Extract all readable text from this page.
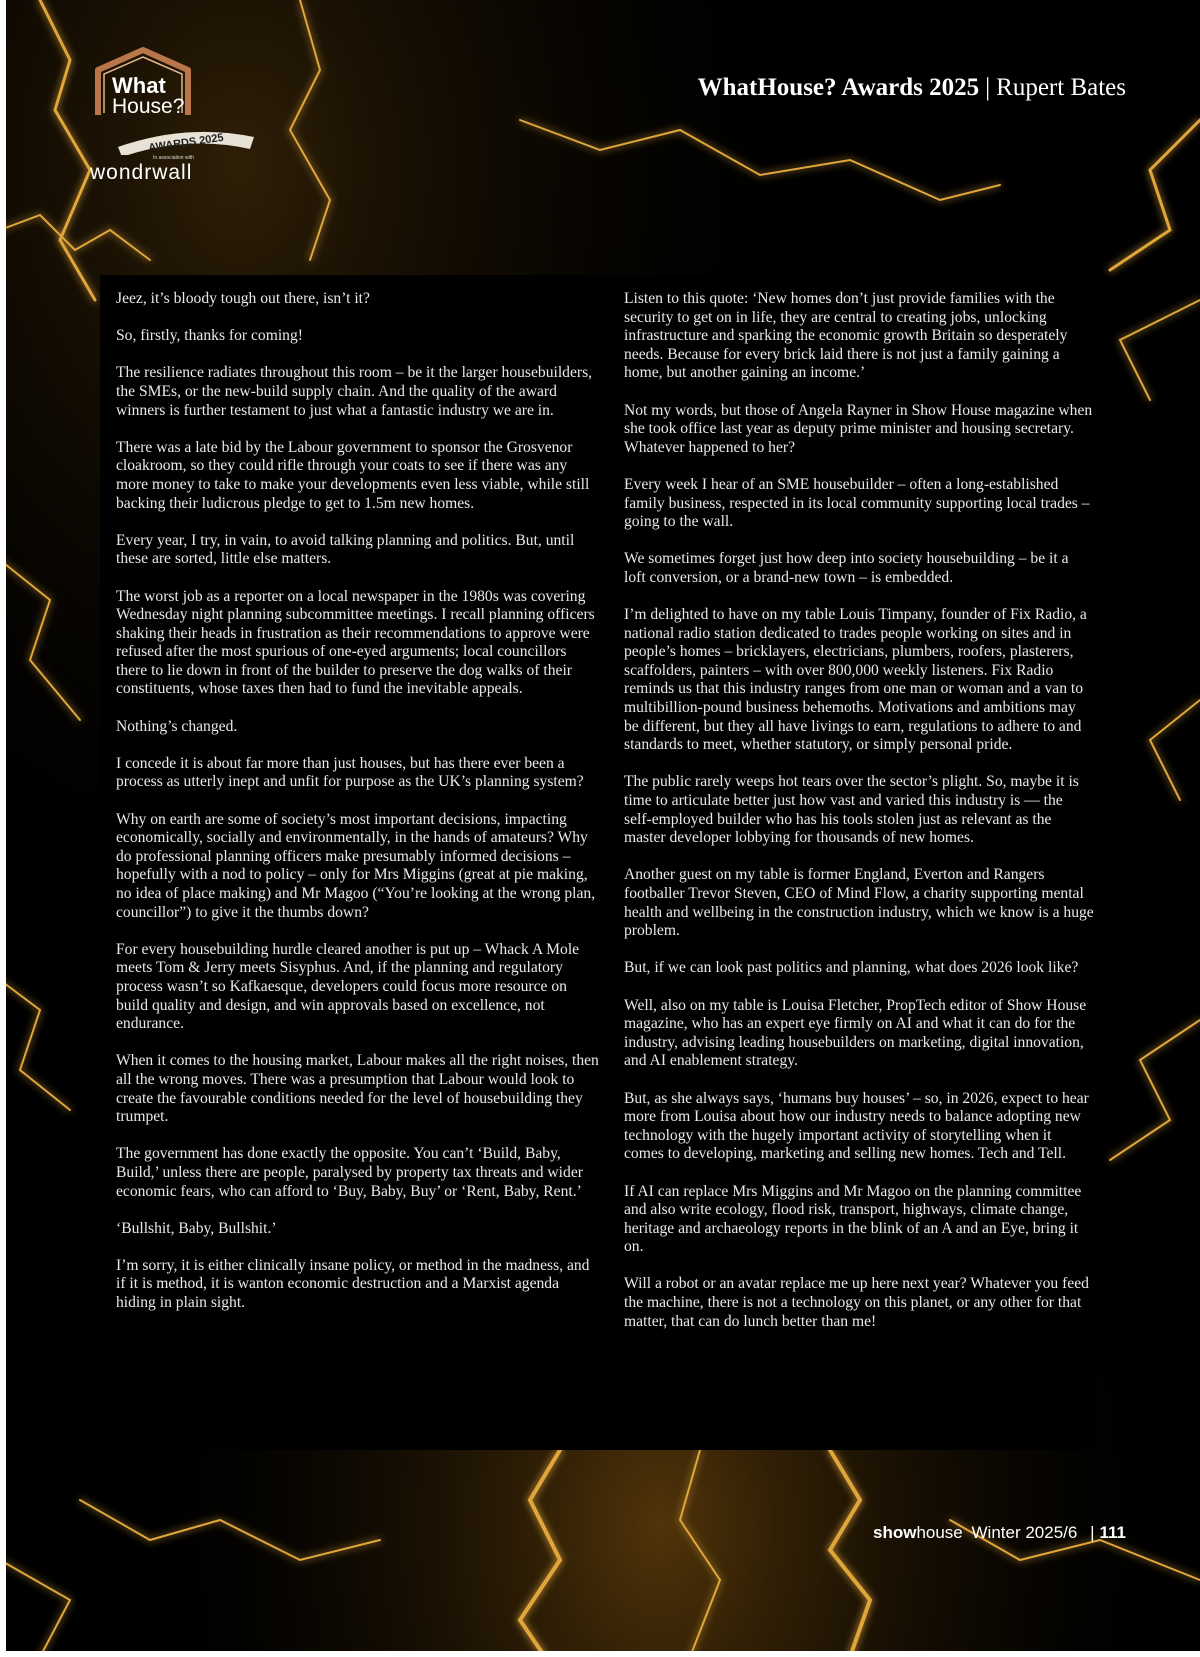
What
House?
AWARDS 2025
In association with
wondrwall
WhatHouse? Awards 2025 | Rupert Bates

Jeez, it’s bloody tough out there, isn’t it?

So, firstly, thanks for coming!

The resilience radiates throughout this room – be it the larger housebuilders, the SMEs, or the new-build supply chain. And the quality of the award winners is further testament to just what a fantastic industry we are in.

There was a late bid by the Labour government to sponsor the Grosvenor cloakroom, so they could rifle through your coats to see if there was any more money to take to make your developments even less viable, while still backing their ludicrous pledge to get to 1.5m new homes.

Every year, I try, in vain, to avoid talking planning and politics. But, until these are sorted, little else matters.

The worst job as a reporter on a local newspaper in the 1980s was covering Wednesday night planning subcommittee meetings. I recall planning officers shaking their heads in frustration as their recommendations to approve were refused after the most spurious of one-eyed arguments; local councillors there to lie down in front of the builder to preserve the dog walks of their constituents, whose taxes then had to fund the inevitable appeals.

Nothing’s changed.

I concede it is about far more than just houses, but has there ever been a process as utterly inept and unfit for purpose as the UK’s planning system?

Why on earth are some of society’s most important decisions, impacting economically, socially and environmentally, in the hands of amateurs? Why do professional planning officers make presumably informed decisions – hopefully with a nod to policy – only for Mrs Miggins (great at pie making, no idea of place making) and Mr Magoo (“You’re looking at the wrong plan, councillor”) to give it the thumbs down?

For every housebuilding hurdle cleared another is put up – Whack A Mole meets Tom & Jerry meets Sisyphus. And, if the planning and regulatory process wasn’t so Kafkaesque, developers could focus more resource on build quality and design, and win approvals based on excellence, not endurance.

When it comes to the housing market, Labour makes all the right noises, then all the wrong moves. There was a presumption that Labour would look to create the favourable conditions needed for the level of housebuilding they trumpet.

The government has done exactly the opposite. You can’t ‘Build, Baby, Build,’ unless there are people, paralysed by property tax threats and wider economic fears, who can afford to ‘Buy, Baby, Buy’ or ‘Rent, Baby, Rent.’

‘Bullshit, Baby, Bullshit.’

I’m sorry, it is either clinically insane policy, or method in the madness, and if it is method, it is wanton economic destruction and a Marxist agenda hiding in plain sight.

Listen to this quote: ‘New homes don’t just provide families with the security to get on in life, they are central to creating jobs, unlocking infrastructure and sparking the economic growth Britain so desperately needs. Because for every brick laid there is not just a family gaining a home, but another gaining an income.’

Not my words, but those of Angela Rayner in Show House magazine when she took office last year as deputy prime minister and housing secretary. Whatever happened to her?

Every week I hear of an SME housebuilder – often a long-established family business, respected in its local community supporting local trades – going to the wall.

We sometimes forget just how deep into society housebuilding – be it a loft conversion, or a brand-new town – is embedded.

I’m delighted to have on my table Louis Timpany, founder of Fix Radio, a national radio station dedicated to trades people working on sites and in people’s homes – bricklayers, electricians, plumbers, roofers, plasterers, scaffolders, painters – with over 800,000 weekly listeners. Fix Radio reminds us that this industry ranges from one man or woman and a van to multibillion-pound business behemoths. Motivations and ambitions may be different, but they all have livings to earn, regulations to adhere to and standards to meet, whether statutory, or simply personal pride.

The public rarely weeps hot tears over the sector’s plight. So, maybe it is time to articulate better just how vast and varied this industry is –– the self-employed builder who has his tools stolen just as relevant as the master developer lobbying for thousands of new homes.

Another guest on my table is former England, Everton and Rangers footballer Trevor Steven, CEO of Mind Flow, a charity supporting mental health and wellbeing in the construction industry, which we know is a huge problem.

But, if we can look past politics and planning, what does 2026 look like?

Well, also on my table is Louisa Fletcher, PropTech editor of Show House magazine, who has an expert eye firmly on AI and what it can do for the industry, advising leading housebuilders on marketing, digital innovation, and AI enablement strategy.

But, as she always says, ‘humans buy houses’ – so, in 2026, expect to hear more from Louisa about how our industry needs to balance adopting new technology with the hugely important activity of storytelling when it comes to developing, marketing and selling new homes. Tech and Tell.

If AI can replace Mrs Miggins and Mr Magoo on the planning committee and also write ecology, flood risk, transport, highways, climate change, heritage and archaeology reports in the blink of an A and an Eye, bring it on.

Will a robot or an avatar replace me up here next year? Whatever you feed the machine, there is not a technology on this planet, or any other for that matter, that can do lunch better than me!

showhouse Winter 2025/6 | 111
